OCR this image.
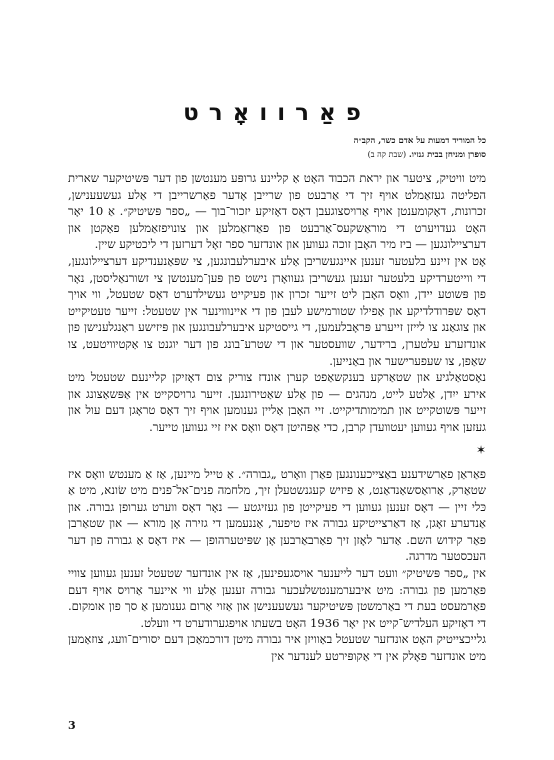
פאַרוואָרט
כל המוריד דמעות על אדם כשר, הקב״ה
סופרן ומניחן בבית גנזיו. (שבת קה ב)

מיט וויטיק, ציטער און יראת הכבוד האָט אַ קליינע גרופּע מענטשן פון דער פּשיטיקער שארית הפליטה געזאַמלט אויף זיך די אַרבעט פון שרייבן אָדער פאַרשרייבן די אַלע געשעענישן, זכרונות, דאָקומענטן אויף אַרויסצוגעבן דאָס דאָזיקע יזכור־בוך — „ספר פּשיטיק״. אַ 10 יאָר האָט געדויערט די מוראַשקעס־אַרבעט פון פאַרזאַמלען און צונויפזאַמלען פאַקטן און דערציילונגען — ביז מיר האָבן זוכה געווען און אונדזער ספר זאָל דערזען די ליכטיקע שיין.

אָט אין זיינע בלעטער זענען איינגעשריבן אַלע איבערלעבונגען, צי שפּאַנענדיקע דערציילונגען, די ווייטערדיקע בלעטער זענען געשריבן געוואָרן נישט פון פּען־מענטשן צי זשורנאַליסטן, נאָר פון פּשוטע יידן, וואָס האָבן ליט זייער זכרון און פעיקייט געשילדערט דאָס שטעטל, ווי אויך דאָס שפּרודלדיקע און אַפילו שטורמישע לעבן פון די איינוווינער אין שטעטל: זייער טעטיקייט און צוגאַנג צו לייזן זייערע פּראָבלעמען, די גייסטיקע איבערלעבונגען און פּיזישע ראַנגלענישן פון אונדזערע עלטערן, ברידער, שוועסטער און די שטרע־בונג פון דער יוגנט צו אַקטיוויטעט, צו שאַפן, צו שעפערישער און באַנייען.

נאָסטאַלגיע און שטאַרקע בענקשאַפט קערן אונדז צוריק צום דאָזיקן קליינעם שטעטל מיט אירע ייִדן, אַלטע לייט, מנהגים — פון אַלע שאַטירונגען. זייער גרויסקייט אין אַפּשאַצונג און זייער פּשוטקייט און תמימותדיקייט. זיי האָבן אַליין גענומען אויף זיך דאָס טראָגן דעם עול און געזען אויף געווען יעטוועדן קרבן, כדי אַפּהיטן דאָס וואָס איז זיי געווען טייער.

✶

פאַראַן פאַרשידענע באַצייכענונגען פאַרן וואָרט „גבורה״. אַ טייל מיינען, אַז אַ מענטש וואָס איז שטאַרק, אַרואַסשאַנדאַנט, אַ פיזיש קעגנשטעלן זיך, מלחמה פנים־אל־פנים מיט שׂונא, מיט אַ כּלי זיין — דאָס זענען געווען די פעיקייטן פון געזיגטע — נאָר דאָס ווערט גערופן גבורה. און אַנדערע זאָגן, אַז דאַרצייטיקע גבורה איז טיפער, אַננעמען די גזירה אָן מורא — און שטאַרבן פאַר קידוש השם. אַדער לאָזן זיך פאַרבאַרבען אָן שפּיטערהופן — איז דאָס אַ גבורה פון דער העכסטער מדרגה.

אין „ספר פּשיטיק״ וועט דער לייענער אויסגעפינען, אַז אין אונדזער שטעטל זענען געווען צוויי פאַרמען פון גבורה: מיט איבערמענטשלעכער גבורה זענען אַלע ווי איינער אַרויס אויף דעם פאַרמעסט בעת די באַרמשטן פּשיטיקער געשעענישן און אַזוי אַרום גענומען אַ סך פון אומקום. די דאָזיקע העלדיש־קייט אין יאָר 1936 האָט בשעתו אויפגערודערט די וועלט.

גלייכצייטיק האָט אונדזער שטעטל באַוויזן איר גבורה מיטן דורכמאַכן דעם יסורים־וועג, צוזאַמען מיט אונדזער פאָלק אין די אַקופּירטע לענדער אין

3
